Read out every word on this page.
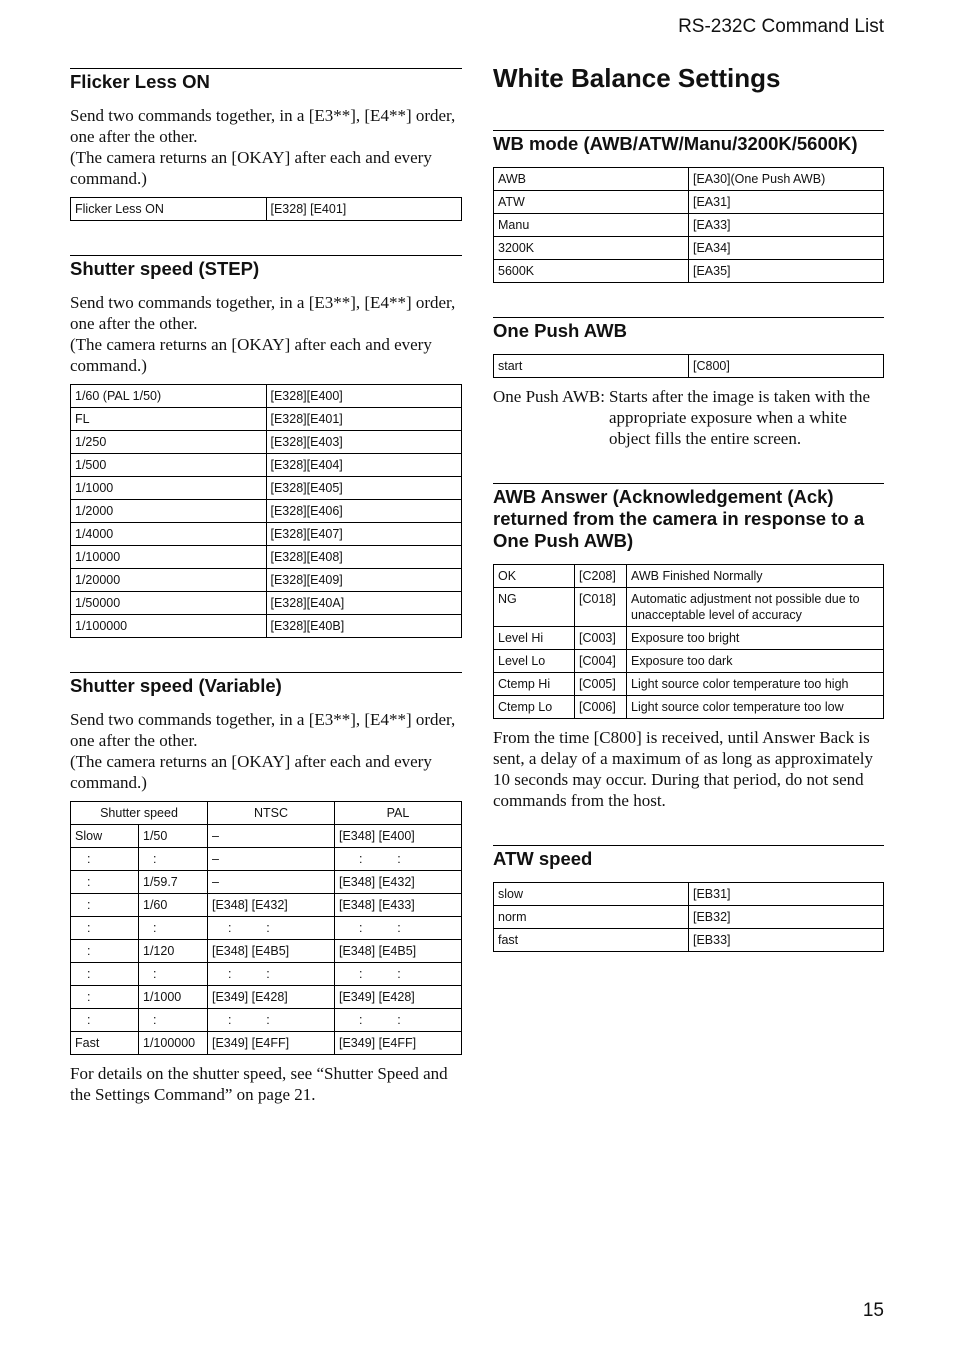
RS-232C Command List
Flicker Less ON

Send two commands together, in a [E3**], [E4**] order, one after the other.

(The camera returns an [OKAY] after each and every command.)

Flicker Less ON	[E328] [E401]
Shutter speed (STEP)

Send two commands together, in a [E3**], [E4**] order, one after the other.

(The camera returns an [OKAY] after each and every command.)

1/60 (PAL 1/50)	[E328][E400]
FL	[E328][E401]
1/250	[E328][E403]
1/500	[E328][E404]
1/1000	[E328][E405]
1/2000	[E328][E406]
1/4000	[E328][E407]
1/10000	[E328][E408]
1/20000	[E328][E409]
1/50000	[E328][E40A]
1/100000	[E328][E40B]
Shutter speed (Variable)

Send two commands together, in a [E3**], [E4**] order, one after the other.

(The camera returns an [OKAY] after each and every command.)

Shutter speed		NTSC	PAL
Slow	1/50	–	[E348] [E400]
:	:	–	:          :
:	1/59.7	–	[E348] [E432]
:	1/60	[E348] [E432]	[E348] [E433]
:	:	:          :	:          :
:	1/120	[E348] [E4B5]	[E348] [E4B5]
:	:	:          :	:          :
:	1/1000	[E349] [E428]	[E349] [E428]
:	:	:          :	:          :
Fast	1/100000	[E349] [E4FF]	[E349] [E4FF]

For details on the shutter speed, see “Shutter Speed and the Settings Command” on page 21.

White Balance Settings
WB mode (AWB/ATW/Manu/3200K/5600K)
AWB	[EA30](One Push AWB)
ATW	[EA31]
Manu	[EA33]
3200K	[EA34]
5600K	[EA35]
One Push AWB
start	[C800]
One Push AWB: Starts after the image is taken with the appropriate exposure when a white object fills the entire screen.
AWB Answer (Acknowledgement (Ack) returned from the camera in response to a One Push AWB)
OK	[C208]	AWB Finished Normally
NG	[C018]	Automatic adjustment not possible due to unacceptable level of accuracy
Level Hi	[C003]	Exposure too bright
Level Lo	[C004]	Exposure too dark
Ctemp Hi	[C005]	Light source color temperature too high
Ctemp Lo	[C006]	Light source color temperature too low

From the time [C800] is received, until Answer Back is sent, a delay of a maximum of as long as approximately 10 seconds may occur. During that period, do not send commands from the host.

ATW speed
slow	[EB31]
norm	[EB32]
fast	[EB33]
15
